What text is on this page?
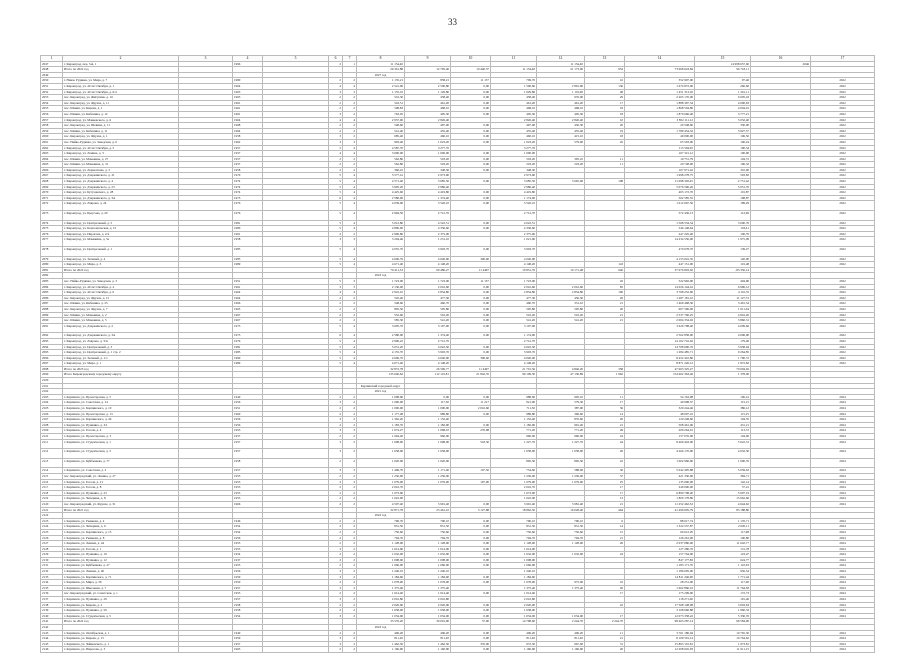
33
1	2	3	4	5	6	7	8	9	10	11	12	13	14	15	16	17
2047	г. Кировград, пер. 5-й, 1		1996		2	1	11 154,40				11 154,40			14 998 657,60	2046	
2048	Итого по 2022 год						29 361,88	12 795,40	10 440,37	11 154,40	21 173,00	954	73 968 643,84	96 718,11		
2049							2027 год									
2050	г. Нижн. Рудянка, ул. Мира, д. 7		1980		2	2	1 135,21	858,21	11 157	709,70		16	352 997,00	97,46		2022
2051	г. Кировград, ул. 40 лет Октября, д. 1		1964		4	4	2 541,90	2 500,80	0,00	1 500,60	2 891,90	136	1 674 872,00	266,60		2022
2052	г. Кировград, ул. 40 лет Октября, д. 6/4		1963		3	3	1 155,10	1 126,80	0,00	1 029,80	1 119,00	48	1 451 313,45	1 261,11		2022
2053	пос. Кировград, ул. Жигулина, д. 16		1963		2	2	516,30	458,40	0,00	458,40	976,00	29	2 265 170,00	6 005,43		2022
2054	пос. Кировград, ул. Фрунзе, д. 11		1961		2	2	543,51	461,20	0,00	461,20	461,20	17	1 888 397,54	4 000,93		2022
2055	пос. Шевин, ул. Кирова, д. 1		1961		2	2	508,83	468,10	0,00	468,10	468,10	18	1 868 504,86	4 004,01		2022
2056	пос. Шевин, ул. Кибенина, д. 12		1961		3	2	763,05	495,30	0,00	495,30	495,30	18	1 870 666,40	3 777,21		2022
2057	г. Кировград, ул. Маяковского, д. 6		1964		4	4	2 937,00	2 826,40		2 826,40	2 826,40	10	3 852 111,12	5 032,40		2022
2058	пос. Кировград, ул. Шевина, д. 11		1968		2	2	548,60	497,00	0,00	497,00	456,30	20	20 548,60	330,00		2022
2059	пос. Шевин, ул. Кибенина, д. 11		1964		2	2	541,40	455,40	0,00	455,40	455,40	19	1 789 454,32	3 927,57		2022
2060	пос. Кировград, ул. Фрунзе, д. 1		1958		3	2	685,40	460,10	0,00	460,10	415,10	18	49 000,00	106,50		2022
2061	пос. Нейво-Рудянка, ул. Заводская, д. 6		1962		3	3	993,40	1 023,20	0,00	1 023,20	579,00	45	65 593,00	100,24		2022
2062	г. Кировград, ул. 40 лет Октября, д. 5		1957		5	4	4 587,70	3 277,70		3 277,70			115 594,05	100,34		2022
2063	г. Кировград, ул. Ленина, д. 3		1957		4	4	3 000,00	1 000,00	0,00	1 000,00			167 321,12	100,00		2022
2064	пос. Шевин, ул. Мамакина, д. 27		1957		2	2	562,80	518,20	0,00	518,20	395,10	11	19 751,79	104,72		2022
2065	пос. Шевин, ул. Мамакина, д. 31		1957		2	2	562,80	518,20	0,00	518,20	518,20	11	20 748,00	106,32		2022
2066	г. Кировград, ул. Лермонтова, д. 3		1958		2	2	360,10	348,30	0,00	348,30			107 971,42	310,00		2022
2067	г. Кировград, ул. Дзержинского, д. 31		1970		5	4	3 577,41	2 973,90		2 973,90			1 998 278,75	593,82		2022
2068	г. Кировград, ул. Дзержинского, д. 4		1974		5	4	4 571,40	3 685,50	0,00	3 685,50	3 665,00	108	11 098 302,45	2 751,42		2022
2069	г. Кировград, ул. Дзержинского, д. 23		1974		5	4	3 995,20	2 986,40		2 986,40			5 076 596,26	5 051,70		2022
2070	г. Кировград, ул. Кутузовского, д. 28		1974		5	4	4 425,60	4 419,80	0,00	4 419,80			403 172,70	101,87		2022
2071	г. Кировград, ул. Дзержинского, д. 3А		1973		6	4	2 580,00	1 374,40	0,00	1 174,00			562 585,55	108,87		2022
2072	г. Кировград, ул. Лаврова, д. 24		1976		5	4	4 039,00	3 526,10	0,00	3 526,10			1 012 667,56	189,29		2022
2073	г. Кировград, ул. Бреусова, д. 29		1976		5	4	2 994,50	2 712,70		2 712,70			572 436,13	112,96		2022
2074	г. Кировград, ул. Центральный, д. 5		1981		5	4	5 012,80	4 522,51	0,00	4 022,51			1 568 534,54	3 000,76		2022
2075	г. Кировград, ул. Комсомольская, д. 15		1980		5	4	4 800,00	4 336,60	0,00	4 336,60			546 148,64	118,41		2022
2076	г. Кировград, ул. Пирогова, д. 2/4		1961		2	2	2 990,80	2 375,00		2 375,00			247 245,40	100,70		2022
2077	г. Кировград, ул. Мамакина, д. 5а		1958		3	3	3 204,46	1 231,10		1 021,00			14 234 556,00	1 975,09		2022
2078	г. Кировград, ул. Центральный, д. 1		1985		5	4	4 055,70	3 903,70	0,00	3 903,70			470 678,70	139,27		2022
2079	г. Кировград, ул. Зеленый, д. 4		1985		5	4	4 600,76	4 040,00	390,60	4 040,00			4 153 010,35	120,00		2022
2080	г. Кировград, ул. Мира, д. 3		1989		5	4	4 671,40	4 148,20		4 148,20		143	447 151,00	101,48		2022
2081	Итого по 2022 год						76 411,53	69 486,27	11 4497	10 851,76	10 171,48	640	37 976 803,02	-83 350,14		
2082							2023 год									
2083	пос. Нейво-Рудянка, ул. Заводская, д. 3		1951		5	3	1 723,00	1 723,00	11 157	1 723,00		45	522 992,00	404,90		2022
2084	г. Кировград, ул. 40 лет Октября, д. 4		1961		3	3	2 136,00	2 016,60	0,00	2 016,60	2 016,60	85	14 026 144,16	6 996,12		2022
2085	г. Кировград, ул. 40 лет Октября, д. 6		1964		4	4	2 916,10	2 834,80	0,00	2 834,80	2 834,80	100	3 768 252,00	4 116,76		2022
2086	пос. Кировград, ул. Фрунзе, д. 15		1964		2	2	545,40	477,30	0,00	477,30	456,30	20	1 287 181,10	11 127,72		2022
2087	пос. Шевин, ул. Кибенина, д. 23		1966		2	2	548,60	460,70	0,00	460,70	331,10	21	1 469 468,36	3 401,54		2022
2088	пос. Кировград, ул. Фрунзе, д. 7		1965		2	2	805,30	595,80	0,00	595,80	595,80	20	907 596,00	1 011,04		2022
2089	пос. Шевин, ул. Мамакина, д. 2		1967		2	2	552,60	516,20	0,00	516,20	516,20	21	2 537 760,25	4 916,20		2022
2090	пос. Шевин, ул. Мамакина, д. 5		1967		2	2	585,30	541,20	0,00	541,20	541,20	21	2 004 334,02	3 860,31		2022
2091	г. Кировград, ул. Дзержинского, д. 2		1973		5	4	3 605,70	3 107,00	0,00	3 107,00			3 626 798,40	4 009,66		2022
2092	г. Кировград, ул. Дзержинского, д. 3А		1973		6	4	2 580,00	1 374,40	0,00	1 174,00			2 562 858,00	4 006,00		2022
2093	г. Кировград, ул. Лаврова, д. 3/А		1976		5	4	2 996,22	2 712,70		2 712,70			14 102 716,02	179,40		2022
2094	г. Кировград, ул. Центральный, д. 3		1981		5	4	5 031,20	4 022,50	0,00	4 022,50			14 708 690,76	3 938,04		2022
2095	г. Кировград, ул. Центральный, д. 1 стр. 2		1985		5	4	4 155,70	3 903,70	0,00	3 903,70			1 284 485,71	9 264,85		2022
2096	г. Кировград, ул. Зеленый, д. 1/1		1990		5	4	4 600,76	4 040,00	390,60	4 040,00			8 452 410,86	1 790,72		2022
2097	г. Кировград, ул. Мира, д. 1		1989		5	4	4 671,40	4 148,20		4 148,20			8 871 226,12	1 872,82		2022
2098	Итого по 2023 год						32 872,78	26 596,77	11 4497	21 701,56	4 846,20	358	47 963 325,27	70 004,02		
2099	Итого Кировградскому городскому округу						135 646,62	112 101,81	21 842,35	99 109,50	47 130,89	1 962	154 602 363,46	1 378,00		
2100																
2101							Карпинский городской округ									
2102							2021 год									
2103	г. Карпинск, ул. Пролетарская, д. 5		1940		2	2	1 008,00	0,00	0,00	988,00	905,10	11	54 163,98	100,41		2024
2104	г. Карпинск, ул. Советская, д. 14		1956		3	2	1 090,00	117,30	11 217	921,00	579,30	17	40 998,37	115,15		2024
2105	г. Карпинск, ул. Карпинского, д. 10		1951		2	2	1 000,00	1 000,00	2 016,60	711,50	387,00	36	320 244,46	386,12		2024
2106	г. Карпинск, ул. Пролетарская, д. 13		1960		2	2	1 177,48	989,80	0,00	989,80	396,60	14	48 097,16	115,25		2024
2107	г. Карпинск, ул. Карпинского, д. 46		1956		3	2	1 362,20	1 152,40		1 152,40	876,60	26	120 248,60	104,35		2024
2108	г. Карпинск, ул. Пушкина, д. 34		1956		2	2	1 183,70	1 182,90	0,00	1 182,90	991,20	21	508 461,06	431,21		2024
2109	г. Карпинск, ул. Гоголя, д. 4		1953		3	3	1 074,27	1 068,10	270,98	771,20	771,20	49	209 264,01	113,72		2024
2110	г. Карпинск, ул. Пролетарская, д. 3		1957		2	2	1 064,40	960,00		960,00	960,00	24	157 076,00	104,00		2024
2111	г. Карпинск, ул. Студенческая, д. 1		1957		3	2	1 608,00	1 608,00	543,30	1 227,70	1 227,70	44	8 469 443,00	5 622,31		2024
2112	г. Карпинск, ул. Студенческая, д. 3		1957		3	2	1 058,00	1 058,00		1 058,00	1 058,00	26	4 266 170,00	4 032,30		2024
2113	г. Карпинск, ул. Куйбышева, д. 77		1958		2	2	1 020,00	1 020,00		895,30	895,30	22	1 002 960,00	1 000,76		2024
2114	г. Карпинск, ул. Советская, д. 2		1957		3	3	1 496,70	1 171,40	107,50	754,60	588,00	30	5 042 405,88	5 059,63		2024
2115	пос. Кировградский, ул. Ленина, д. 27		1955		2	2	1 236,00	1 236,00		1 236,00	1 236,00	37	421 330,00	384,71		2024
2116	г. Карпинск, ул. Гоголя, д. 21		1953		3	3	1 079,00	1 079,00	197,00	1 079,00	1 079,00	25	135 000,00	142,14		2024
2117	г. Карпинск, ул. Гоголя, д. 8		1953		2	2	2 016,70			2 016,70		17	240 000,00	57,41		2024
2118	г. Карпинск, ул. Пушкина, д. 23		1953		2	2	1 073,00			1 073,00		17	6 890 708,40	5 097,19		2024
2119	г. Карпинск, ул. Чичерина, д. 8		1953		2	2	1 022,00			1 022,00		13	1 800 178,86	15 062,60		2024
2120	пос. Кировградский, ул. Фрунзе, д. 31		1966		2	2	4 507,40	3 991,40	0,00	3 991,40	3 981,40	21	11 252 462,52	4 644,62		2024
2121	Итого по 2021 год						32 871,78	23 461,10	3 127,88	18 862,50	16 028,40	464	41 499 005,79	83 188,80		
2122							2022 год									
2123	г. Карпинск, ул. Рыжкова, д. 4		1946		2	2	790,70	790,10	0,00	790,10	790,10	6	88 617,74	1 176,71		2024
2124	г. Карпинск, ул. Чичерина, д. 6		1954		2	2	831,50	831,50	0,00	831,50	831,50	14	1 324 537,87	2 620,11		2024
2125	г. Карпинск, ул. Карпинского, д. 15		1954		2	2	750,60	750,60	0,00	750,60	750,60	15	60 612,05	117,98		2024
2126	г. Карпинск, ул. Рыжкова, д. 8		1956		2	2	794,70	794,70	0,00	794,70	794,70	21	126 261,00	100,80		2024
2127	г. Карпинск, ул. Ленина, д. 44		1955		2	2	1 128,00	1 128,00	0,00	1 128,00	1 128,00	26	2 037 080,00	11 042,77		2024
2128	г. Карпинск, ул. Гоголя, д. 1		1953		3	2	1 014,00	1 014,00	0,00	1 014,00			127 280,70	131,78		2024
2129	г. Карпинск, ул. Пушкина, д. 19		1954		2	2	1 032,00	1 032,00	0,00	1 032,00	1 032,00	24	157 764,00	123,47		2024
2130	г. Карпинск, ул. Пушкина, д. 12		1937		2	2	1 008,00	1 008,00	0,00	1 008,00			847 177,83	624,77		2024
2131	г. Карпинск, ул. Куйбышева, д. 27		1953		2	2	1 066,00	1 066,00	0,00	1 066,00			1 183 171,70	1 110,93		2024
2132	г. Карпинск, ул. Ленина, д. 40		1956		3	2	1 240,10	1 240,10		1 240,10			1 186 005,00	956,54		2024
2133	г. Карпинск, ул. Карпинского, д. 71		1959		3	2	1 184,60	1 184,60	0,00	1 184,60			14 811 246,00	1 771,44		2024
2134	г. Карпинск, ул. Мира, д. 39		1950		2	2	1 078,00	1 078,00	0,00	1 078,00	975,00	16	28 251,00	117,00		2024
2135	г. Карпинск, ул. Школьная, д. 7		1957		3	2	1 375,40	1 375,40		1 375,40	1 375,40	26	1 662 860,16	11 764,58		2024
2136	пос. Кировградский, ул. Советская, д. 1		1953		2	2	1 014,40	1 014,40	0,00	1 014,40		17	175 209,00	172,73		2024
2137	г. Карпинск, ул. Пушкина, д. 29		1957		3	2	2 016,80	2 016,80		2 016,80			118 271,00	191,46		2024
2138	г. Карпинск, ул. Кирова, д. 2		1958		2	2	2 020,00	2 020,00	0,00	2 020,00		22	17 568 148,08	3 003,63		2024
2139	г. Карпинск, ул. Пушкина, д. 56		1958		2	2	1 058,00	1 058,00	0,00	1 058,00			3 168 660,88	1 960,33		2024
2140	г. Карпинск, ул. Студенческая, д. 5		1954		3	2	1 034,00	1 034,00	0,00	1 034,00	1 034,00	17	12 073 358,22	5 330,76		2024
2141	Итого по 2022 год						33 535,20	30 001,90	37,00	14 798,60	2 244,70	2 244,70	98 463 287,14	99 584,00		
2142							2023 год									
2143	г. Карпинск, ул. Октябрьская, д. 1		1940		2	2	406,20	406,20	0,00	406,20	406,20	11	3 761 180,04	10 765,30		2024
2144	г. Карпинск, ул. Кирова, д. 15		1959		3	2	811,20	811,20	0,00	811,20	811,20	21	8 109 501,14	10 764,62		2024
2145	г. Карпинск, ул. Чайковского, д. 1		1957		3	2	1 462,50	1 462,50	370,00	972,50	967,00	31	15 893 101,81	1 973,81		2024
2146	г. Карпинск, ул. Пирогова, д. 3		1963		2	2	1 160,90	1 160,90	0,00	1 160,90	1 160,90	20	12 208 045,93	11 611,15		2024
